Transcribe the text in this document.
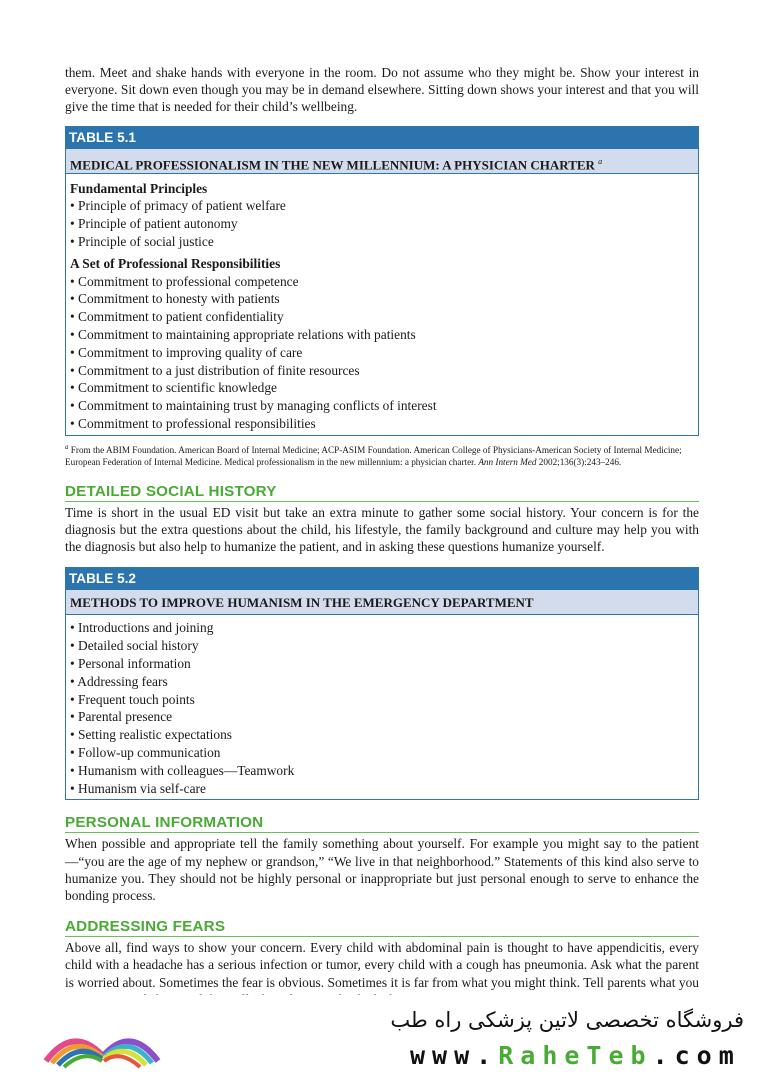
them. Meet and shake hands with everyone in the room. Do not assume who they might be. Show your interest in everyone. Sit down even though you may be in demand elsewhere. Sitting down shows your interest and that you will give the time that is needed for their child’s wellbeing.

TABLE 5.1
MEDICAL PROFESSIONALISM IN THE NEW MILLENNIUM: A PHYSICIAN CHARTER $^a$
Fundamental Principles
• Principle of primacy of patient welfare
• Principle of patient autonomy
• Principle of social justice
A Set of Professional Responsibilities
• Commitment to professional competence
• Commitment to honesty with patients
• Commitment to patient confidentiality
• Commitment to maintaining appropriate relations with patients
• Commitment to improving quality of care
• Commitment to a just distribution of finite resources
• Commitment to scientific knowledge
• Commitment to maintaining trust by managing conflicts of interest
• Commitment to professional responsibilities
$^a$ From the ABIM Foundation. American Board of Internal Medicine; ACP-ASIM Foundation. American College of Physicians-American Society of Internal Medicine; European Federation of Internal Medicine. Medical professionalism in the new millennium: a physician charter. Ann Intern Med 2002;136(3):243–246.
DETAILED SOCIAL HISTORY

Time is short in the usual ED visit but take an extra minute to gather some social history. Your concern is for the diagnosis but the extra questions about the child, his lifestyle, the family background and culture may help you with the diagnosis but also help to humanize the patient, and in asking these questions humanize yourself.

TABLE 5.2
METHODS TO IMPROVE HUMANISM IN THE EMERGENCY DEPARTMENT
• Introductions and joining
• Detailed social history
• Personal information
• Addressing fears
• Frequent touch points
• Parental presence
• Setting realistic expectations
• Follow-up communication
• Humanism with colleagues—Teamwork
• Humanism via self-care
PERSONAL INFORMATION

When possible and appropriate tell the family something about yourself. For example you might say to the patient —“you are the age of my nephew or grandson,” “We live in that neighborhood.” Statements of this kind also serve to humanize you. They should not be highly personal or inappropriate but just personal enough to serve to enhance the bonding process.

ADDRESSING FEARS

Above all, find ways to show your concern. Every child with abdominal pain is thought to have appendicitis, every child with a headache has a serious infection or tumor, every child with a cough has pneumonia. Ask what the parent is worried about. Sometimes the fear is obvious. Sometimes it is far from what you might think. Tell parents what you

فروشگاه تخصصی لاتین پزشکی راه طب
www.RaheTeb.com
